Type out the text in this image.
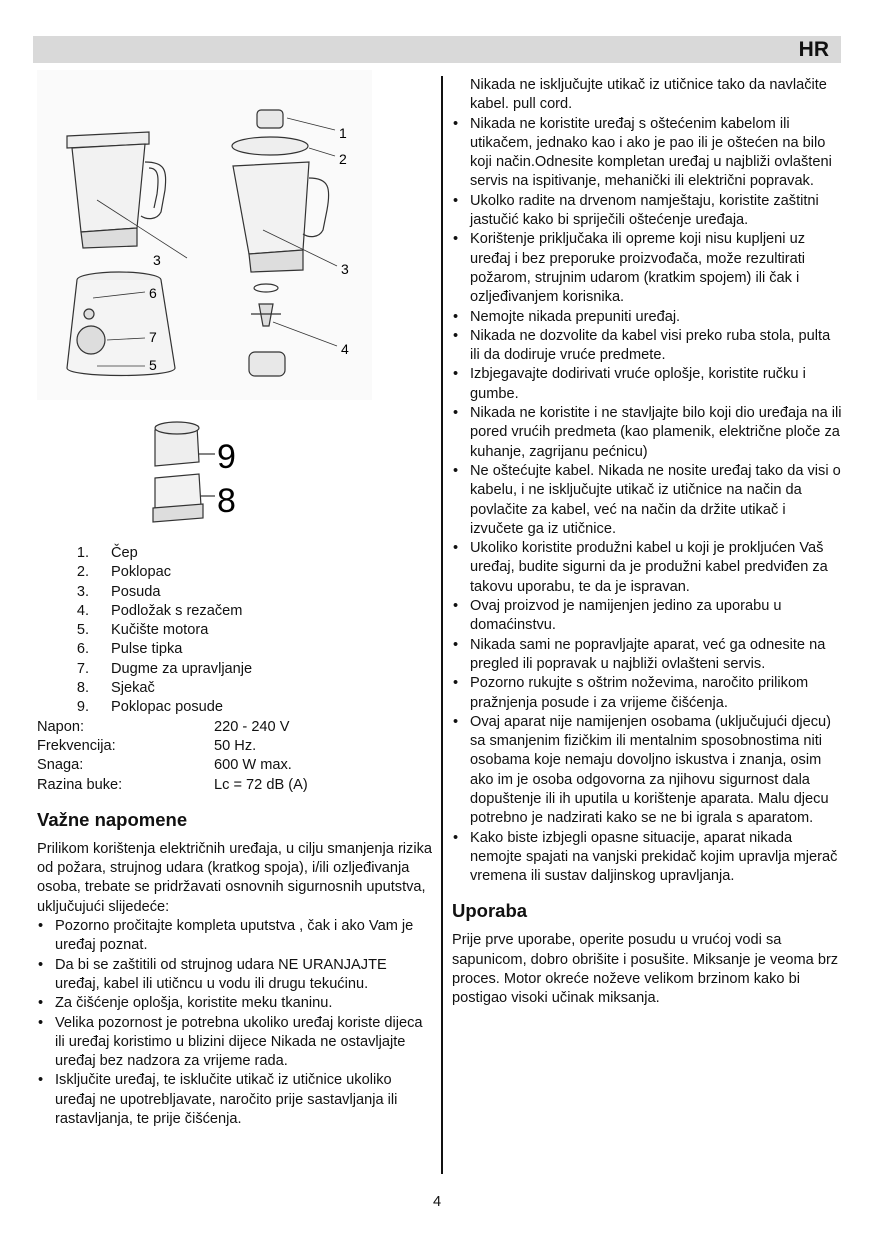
HR
1
2
3
6
7
5
3
4
9
8
1.	Čep
2.	Poklopac
3.	Posuda
4.	Podložak s rezačem
5.	Kučište motora
6.	Pulse tipka
7.	Dugme za upravljanje
8.	Sjekač
9.	Poklopac posude
Napon:	220 - 240 V
Frekvencija:	50 Hz.
Snaga:	600 W max.
Razina buke:	Lc = 72 dB (A)
Važne napomene

Prilikom korištenja električnih uređaja, u cilju smanjenja rizika od požara, strujnog udara (kratkog spoja), i/ili ozljeđivanja osoba, trebate se pridržavati osnovnih sigurnosnih uputstva, uključujući slijedeće:

• Pozorno pročitajte kompleta uputstva , čak i ako Vam je uređaj poznat.
• Da bi se zaštitili od strujnog udara NE URANJAJTE uređaj, kabel ili utičncu u vodu ili drugu tekućinu.
• Za čišćenje oplošja, koristite meku tkaninu.
• Velika pozornost je potrebna ukoliko uređaj koriste dijeca ili uređaj koristimo u blizini dijece Nikada ne ostavljajte uređaj bez nadzora za vrijeme rada.
• Isključite uređaj, te isklučite utikač iz utičnice ukoliko uređaj ne upotrebljavate, naročito prije sastavljanja ili rastavljanja, te prije čišćenja.
Nikada ne isključujte utikač iz utičnice tako da navlačite kabel. pull cord.
• Nikada ne koristite uređaj s oštećenim kabelom ili utikačem, jednako kao i ako je pao ili je oštećen na bilo koji način.Odnesite kompletan uređaj u najbliži ovlašteni servis na ispitivanje, mehanički ili električni popravak.
• Ukolko radite na drvenom namještaju, koristite zaštitni jastučić kako bi spriječili oštećenje uređaja.
• Korištenje priključaka ili opreme koji nisu kupljeni uz uređaj i bez preporuke proizvođača, može rezultirati požarom, strujnim udarom (kratkim spojem) ili čak i ozljeđivanjem korisnika.
• Nemojte nikada prepuniti uređaj.
• Nikada ne dozvolite da kabel visi preko ruba stola, pulta ili da dodiruje vruće predmete.
• Izbjegavajte dodirivati vruće oplošje, koristite ručku i gumbe.
• Nikada ne koristite i ne stavljajte bilo koji dio uređaja na ili pored vrućih predmeta (kao plamenik, električne ploče za kuhanje, zagrijanu pećnicu)
• Ne oštećujte kabel. Nikada ne nosite uređaj tako da visi o kabelu, i ne isključujte utikač iz utičnice na način da povlačite za kabel, već na način da držite utikač i izvučete ga iz utičnice.
• Ukoliko koristite produžni kabel u koji je prokljućen Vaš uređaj, budite sigurni da je produžni kabel predviđen za takovu uporabu, te da je ispravan.
• Ovaj proizvod je namijenjen jedino za uporabu u domaćinstvu.
• Nikada sami ne popravljajte aparat, već ga odnesite na pregled ili popravak u najbliži ovlašteni servis.
• Pozorno rukujte s oštrim noževima, naročito prilikom pražnjenja posude i za vrijeme čišćenja.
• Ovaj aparat nije namijenjen osobama (uključujući djecu) sa smanjenim fizičkim ili mentalnim sposobnostima niti osobama koje nemaju dovoljno iskustva i znanja, osim ako im je osoba odgovorna za njihovu sigurnost dala dopuštenje ili ih uputila u korištenje aparata. Malu djecu potrebno je nadzirati kako se ne bi igrala s aparatom.
• Kako biste izbjegli opasne situacije, aparat nikada nemojte spajati na vanjski prekidač kojim upravlja mjerač vremena ili sustav daljinskog upravljanja.
Uporaba

Prije prve uporabe, operite posudu u vrućoj vodi sa sapunicom, dobro obrišite i posušite. Miksanje je veoma brz proces. Motor okreće noževe velikom brzinom kako bi postigao visoki učinak miksanja.

4
